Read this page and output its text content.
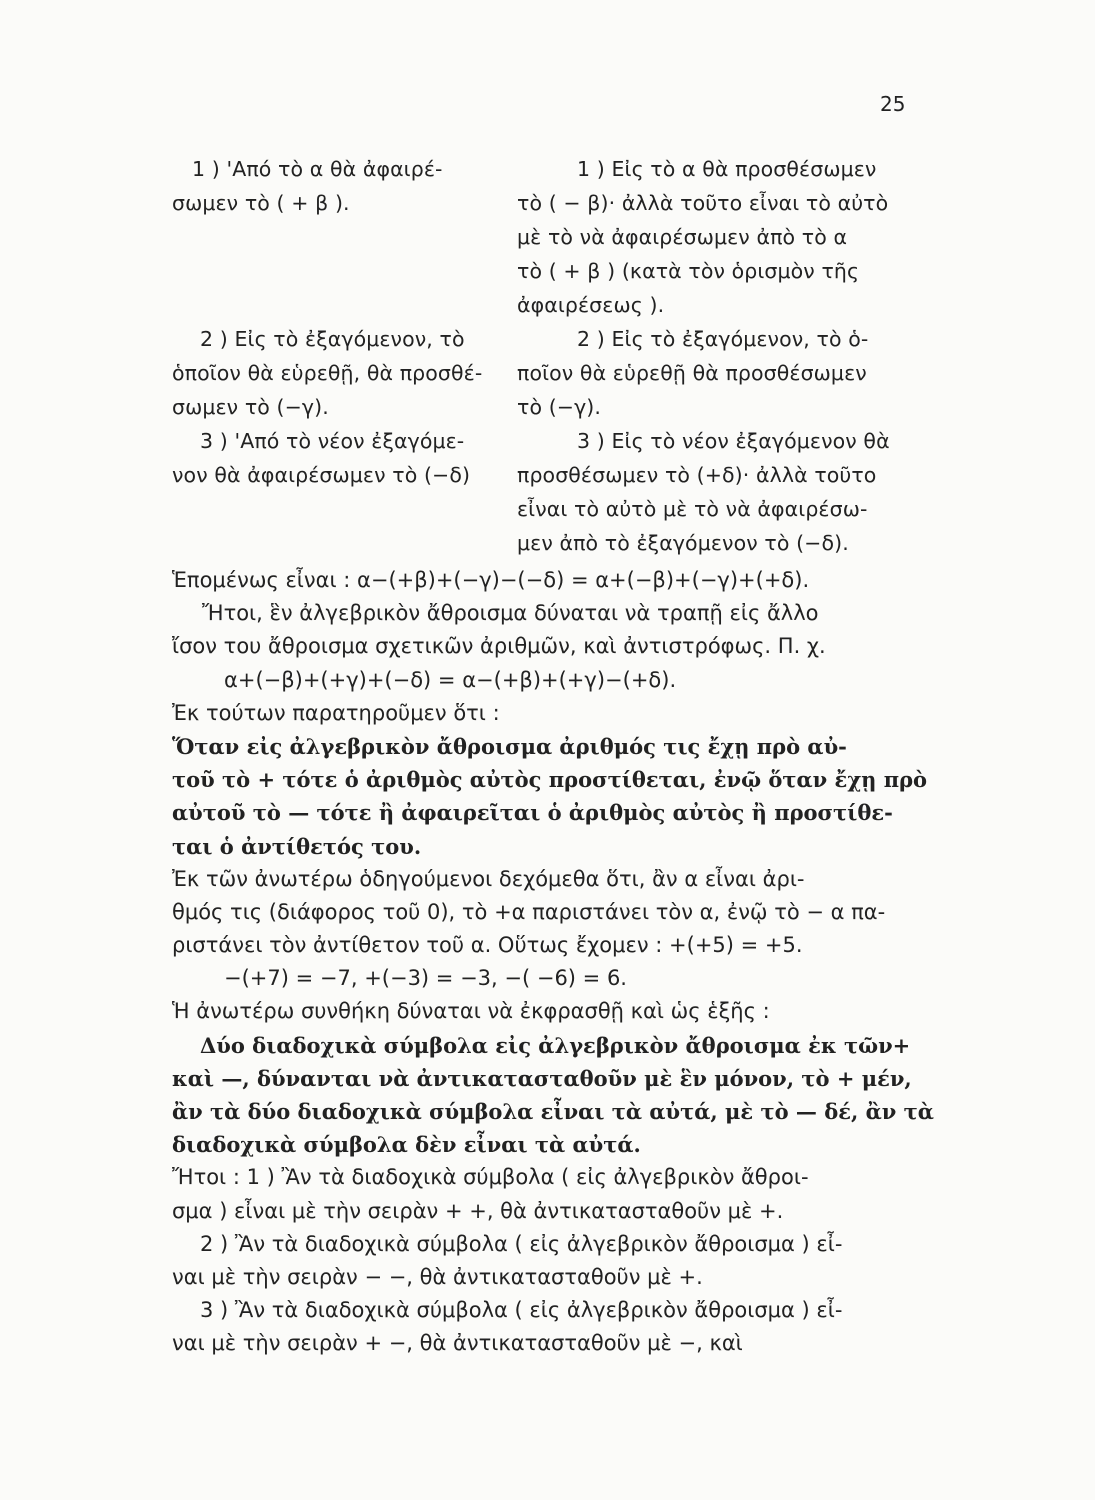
25
1 ) 'Από τὸ α θὰ ἀφαιρέ-
σωμεν τὸ ( + β ).
2 ) Εἰς τὸ ἐξαγόμενον, τὸ
ὁποῖον θὰ εὑρεθῇ, θὰ προσθέ-
σωμεν τὸ (−γ).
3 ) 'Από τὸ νέον ἐξαγόμε-
νον θὰ ἀφαιρέσωμεν τὸ (−δ)
1 ) Εἰς τὸ α θὰ προσθέσωμεν
τὸ ( − β)· ἀλλὰ τοῦτο εἶναι τὸ αὐτὸ
μὲ τὸ νὰ ἀφαιρέσωμεν ἀπὸ τὸ α
τὸ ( + β ) (κατὰ τὸν ὁρισμὸν τῆς
ἀφαιρέσεως ).
2 ) Εἰς τὸ ἐξαγόμενον, τὸ ὁ-
ποῖον θὰ εὑρεθῇ θὰ προσθέσωμεν
τὸ (−γ).
3 ) Εἰς τὸ νέον ἐξαγόμενον θὰ
προσθέσωμεν τὸ (+δ)· ἀλλὰ τοῦτο
εἶναι τὸ αὐτὸ μὲ τὸ νὰ ἀφαιρέσω-
μεν ἀπὸ τὸ ἐξαγόμενον τὸ (−δ).
Ἑπομένως εἶναι : α−(+β)+(−γ)−(−δ) = α+(−β)+(−γ)+(+δ).
Ἤτοι, ἓν ἀλγεβρικὸν ἄθροισμα δύναται νὰ τραπῇ εἰς ἄλλο
ἴσον του ἄθροισμα σχετικῶν ἀριθμῶν, καὶ ἀντιστρόφως. Π. χ.
α+(−β)+(+γ)+(−δ) = α−(+β)+(+γ)−(+δ).
Ἐκ τούτων παρατηροῦμεν ὅτι :
Ὅταν εἰς ἀλγεβρικὸν ἄθροισμα ἀριθμός τις ἔχῃ πρὸ αὐ-
τοῦ τὸ + τότε ὁ ἀριθμὸς αὐτὸς προστίθεται, ἐνῷ ὅταν ἔχῃ πρὸ
αὐτοῦ τὸ — τότε ἢ ἀφαιρεῖται ὁ ἀριθμὸς αὐτὸς ἢ προστίθε-
ται ὁ ἀντίθετός του.
Ἐκ τῶν ἀνωτέρω ὁδηγούμενοι δεχόμεθα ὅτι, ἂν α εἶναι ἀρι-
θμός τις (διάφορος τοῦ 0), τὸ +α παριστάνει τὸν α, ἐνῷ τὸ − α πα-
ριστάνει τὸν ἀντίθετον τοῦ α. Οὕτως ἔχομεν : +(+5) = +5.
−(+7) = −7, +(−3) = −3, −( −6) = 6.
Ἡ ἀνωτέρω συνθήκη δύναται νὰ ἐκφρασθῇ καὶ ὡς ἑξῆς :
Δύο διαδοχικὰ σύμβολα εἰς ἀλγεβρικὸν ἄθροισμα ἐκ τῶν+
καὶ —, δύνανται νὰ ἀντικατασταθοῦν μὲ ἓν μόνον, τὸ + μέν,
ἂν τὰ δύο διαδοχικὰ σύμβολα εἶναι τὰ αὐτά, μὲ τὸ — δέ, ἂν τὰ
διαδοχικὰ σύμβολα δὲν εἶναι τὰ αὐτά.
Ἤτοι : 1 ) Ἂν τὰ διαδοχικὰ σύμβολα ( εἰς ἀλγεβρικὸν ἄθροι-
σμα ) εἶναι μὲ τὴν σειρὰν + +, θὰ ἀντικατασταθοῦν μὲ +.
2 ) Ἂν τὰ διαδοχικὰ σύμβολα ( εἰς ἀλγεβρικὸν ἄθροισμα ) εἶ-
ναι μὲ τὴν σειρὰν − −, θὰ ἀντικατασταθοῦν μὲ +.
3 ) Ἂν τὰ διαδοχικὰ σύμβολα ( εἰς ἀλγεβρικὸν ἄθροισμα ) εἶ-
ναι μὲ τὴν σειρὰν + −, θὰ ἀντικατασταθοῦν μὲ −, καὶ
